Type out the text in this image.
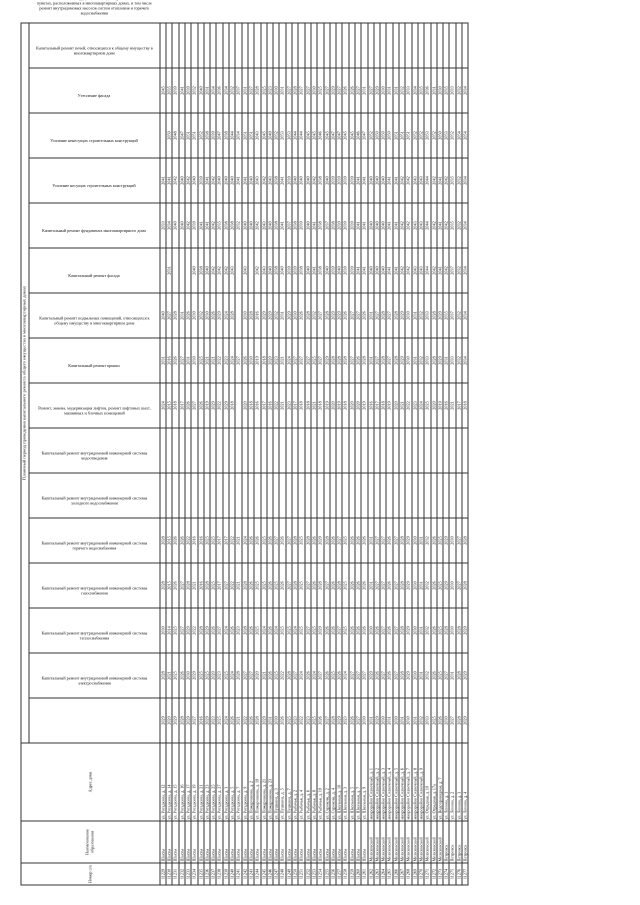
Номер п/п	Наименование образования	Адрес дома	Плановый период проведения капитального ремонта общего имущества в многоквартирных домах															
			Капитальный ремонт внутридомовой инженерной системы электроснабжения	Капитальный ремонт внутридомовой инженерной системы теплоснабжения	Капитальный ремонт внутридомовой инженерной системы газоснабжения	Капитальный ремонт внутридомовой инженерной системы горячего водоснабжения	Капитальный ремонт внутридомовой инженерной системы холодного водоснабжения	Капитальный ремонт внутридомовой инженерной системы водоотведения	Ремонт, замена, модернизация лифтов, ремонт лифтовых шахт, машинных и блочных помещений	Капитальный ремонт крыши	Капитальный ремонт подвальных помещений, относящихся к общему имуществу в многоквартирном доме	Капитальный ремонт фасада	Капитальный ремонт фундамента многоквартирного дома	Усиление несущих строительных конструкций	Усиление ненесущих строительных конструкций	Утепление фасада	Капитальный ремонт печей, относящихся к общему имуществу в многоквартирном доме	пунктах, расположенных в многоквартирных домах, в том числе ремонт внутридомовых насосов систем отопления и горячего водоснабжения
11229	Шахты	ул. Рогадкина, д. 12	2029	2028	2030	2028	2028			2024	2031	2040		2033	2041		2045	
11230	Шахты	ул. Рогадкина, д. 14	2020	2021	2014	2015	2015			2015	2016	2027	2031	2034	2041	2050	2035	
11231	Шахты	ул. Рогадкина, д. 15	2029	2025	2025	2026	2026			2018	2026	2028		2040	2042	2048	2039	
11232	Шахты	ул. Рогадкина, д. 16	2028	2026	2027	2027	2026			2017	2027	2031		2040	2040	2047	2041	
11233	Шахты	ул. Рогадкина, д. 17	2029	2030	2029	2028	2022			2026	2031	2026		2042	2042	2051	2039	
11234	Шахты	ул. Рогадкина, д. 19	2027	2029	2022	2021	2016			2027	2030	2030	2040	2039	2040	2051	2032	
11235	Шахты	ул. Рогадкина, д. 21	2016	2025	2028	2016	2016			2026	2025	2032	2038	2041	2039	2052	2040	
11236	Шахты	ул. Рогадкина, д. 23	2029	2025	2029	2028	2025			2019	2021	2030	2040	2041	2041	2038	2031	
11237	Шахты	ул. Рогадкина, д. 25	2023	2020	2026	2025	2025			2029	2021	2026	2042	2042	2042	2039	2034	
11238	Шахты	ул. Рогадкина, д. 27	2025	2023	2027	2017	2017			2022	2022	2029	2042	2035	2040	2047	2036	
11239	Шахты	ул. Рогадкина, д. 3	2024	2025	2024	2027	2017			2029	2023	2024	2042	2038	2040	2038	2034	
11240	Шахты	ул. Рогадкина, д. 5	2026	2024	2026	2022	2022			2018	2024	2028	2043	2038	2040	2044	2032	
11241	Шахты	ул. Рогадкина, д. 7	2021	2028	2023	2021	2021				2027			2032	2041	2034	2037	
11242	Шахты	ул. Рогадкина, д. 9	2022	2027	2028	2028	2024			2020	2026	2030	2043	2040	2041	2051	2031	
11243	Шахты	ул. Пожарникова, д. 2	2026	2027	2026	2026	2026			2018	2030	2028		2040	2040	2051	2027	
11244	Шахты	ул. Пожарникова, д. 19	2028	2020	2025	2025	2026			2016	2019	2016	2042	2042	2043	2043	2028	
11245	Шахты	ул. Пожарникова, д. 21	2029	2021	2024	2025	2025			2017	2018	2029	2043	2043	2042	2045	2025	
11246	Шахты	ул. Пожарникова, д. 23	2031	2026	2026	2026	2026			2016	2020	2029	2040	2040	2043	2049	2023	
11247	Шахты	ул. Пушкина, д. 3	2030	2025	2024	2025	2027			2022	2023	2032	2038	2038	2038	2052	2030	
11248	Шахты	ул. Пушкина, д. 5	2026	2022	2025	2026	2026			2021	2021	2031	2040	2041	2041	2053	2031	
11249	Шахты	ул. Пушкина, д. 7	2025	2028	2025	2027	2027			2023	2024	2029	2039	2037	2039	2053	2027	
11250	Шахты	ул. Рыбачья, д. 2	2023	2027	2024	2028	2028			2017	2027	2030	2039	2038	2040	2044	2028	
11251	Шахты	ул. Рыбачья, д. 4	2022	2024	2025	2025	2025			2018	2027	2026	2038	2039	2040	2044	2027	
11252	Шахты	ул. Рыбачья, д. 6	2023	2026	2027	2027	2028			2018	2027	2028	2040	2040	2040	2045	2027	
11253	Шахты	ул. Рыбачья, д. 8	2025	2024	2025	2026	2026			2021	2025	2032	2041	2041	2042	2045	2030	
11254	Шахты	ул. Рыбачья, д. 10	2026	2027	2029	2028	2029			2018	2027	2027	2038	2038	2038	2046	2025	
11255	Шахты	ул. Сурикова, д. 2	2027	2026	2026	2027	2028			2019	2029	2028	2040	2037	2040	2045	2027	
11256	Шахты	ул. Сурикова, д. 4	2028	2025	2026	2026	2026			2020	2028	2029	2039	2038	2039	2047	2029	
11257	Шахты	ул. Школьная, д. 10	2029	2026	2027	2028	2027			2019	2028	2029	2040	2039	2039	2047	2027	
11258	Шахты	ул. Школьная, д. 3	2023	2024	2025	2025	2025			2018	2028	2026	2039	2039	2039	2045	2026	
11259	Шахты	ул. Школьная, д. 5	2026	2027	2026	2026	2026			2020	2027	2027	2039	2039	2039	2045	2026	
11260	Шахты	ул. Школьная, д. 7	2027	2027	2026	2026	2026			2020	2026	2027	2041	2041	2041	2046	2027	
11261	Шахты	ул. Школьная, д. 9	2030	2027	2026	2026	2026			2019	2028	2026	2041	2041	2041	2047	2031	
11262	Мелиховский	микрорайон Солнечный, д. 1	2031	2029	2030	2031	2031			2016	2031	2031	2040	2040	2040	2052	2027	
11263	Мелиховский	микрорайон Солнечный, д. 2	2029	2026	2026	2027	2027			2017	2027	2027	2040	2040	2040	2050	2029	
11264	Мелиховский	микрорайон Солнечный, д. 3	2030	2027	2027	2027	2027			2018	2028	2028	2040	2040	2040	2050	2030	
11265	Мелиховский	микрорайон Солнечный, д. 4	2031	2026	2026	2026	2026			2019	2027	2027	2041	2041	2041	2050	2031	
11266	Мелиховский	микрорайон Солнечный, д. 5	2030	2027	2027	2027	2027			2020	2028	2028	2041	2041	2041	2051	2031	
11267	Мелиховский	микрорайон Солнечный, д. 6	2031	2028	2028	2028	2028			2021	2029	2029	2042	2042	2042	2051	2032	
11268	Мелиховский	микрорайон Солнечный, д. 7	2030	2029	2029	2029	2029			2022	2030	2030	2042	2042	2042	2051	2033	
11269	Мелиховский	микрорайон Солнечный, д. 8	2031	2030	2030	2030	2030			2023	2031	2031	2043	2043	2043	2052	2034	
11270	Мелиховский	микрорайон Солнечный, д. 9	2032	2031	2031	2031	2031			2024	2032	2032	2043	2043	2043	2052	2035	
11271	Мелиховский	ул. Отрадная, д. 10	2033	2032	2032	2032	2032			2025	2033	2033	2044	2044	2044	2053	2036	
11272	Мелиховский	ул. Отрадная, д. 17а	2025	2026	2026	2026	2026			2020	2028	2028	2042	2042	2042	2052	2031	
11273	Мелиховский	ул. Водопроводная, д. 7	2026	2025	2025	2025	2025			2019	2029	2029	2041	2041	2041	2050	2030	
11274	Петровск	ул. Ленина, д. 1	2030	2027	2028	2029	2029			2016	2031	2035	2042	2042	2042	2053	2035	
11275	Петровск	ул. Ленина, д. 2	2027	2031	2030	2030	2030			2021	2033	2037	2037	2035	2035	2052	2033	
11276	Петровск	ул. Ленина, д. 3	2028	2028	2028	2027	2027			2017	2032	2032	2032	2032	2032	2054	2032	
11277	Петровск	ул. Ленина, д. 4	2029	2029	2029	2028	2028			2018	2034	2034	2034	2034	2034	2054	2034	
